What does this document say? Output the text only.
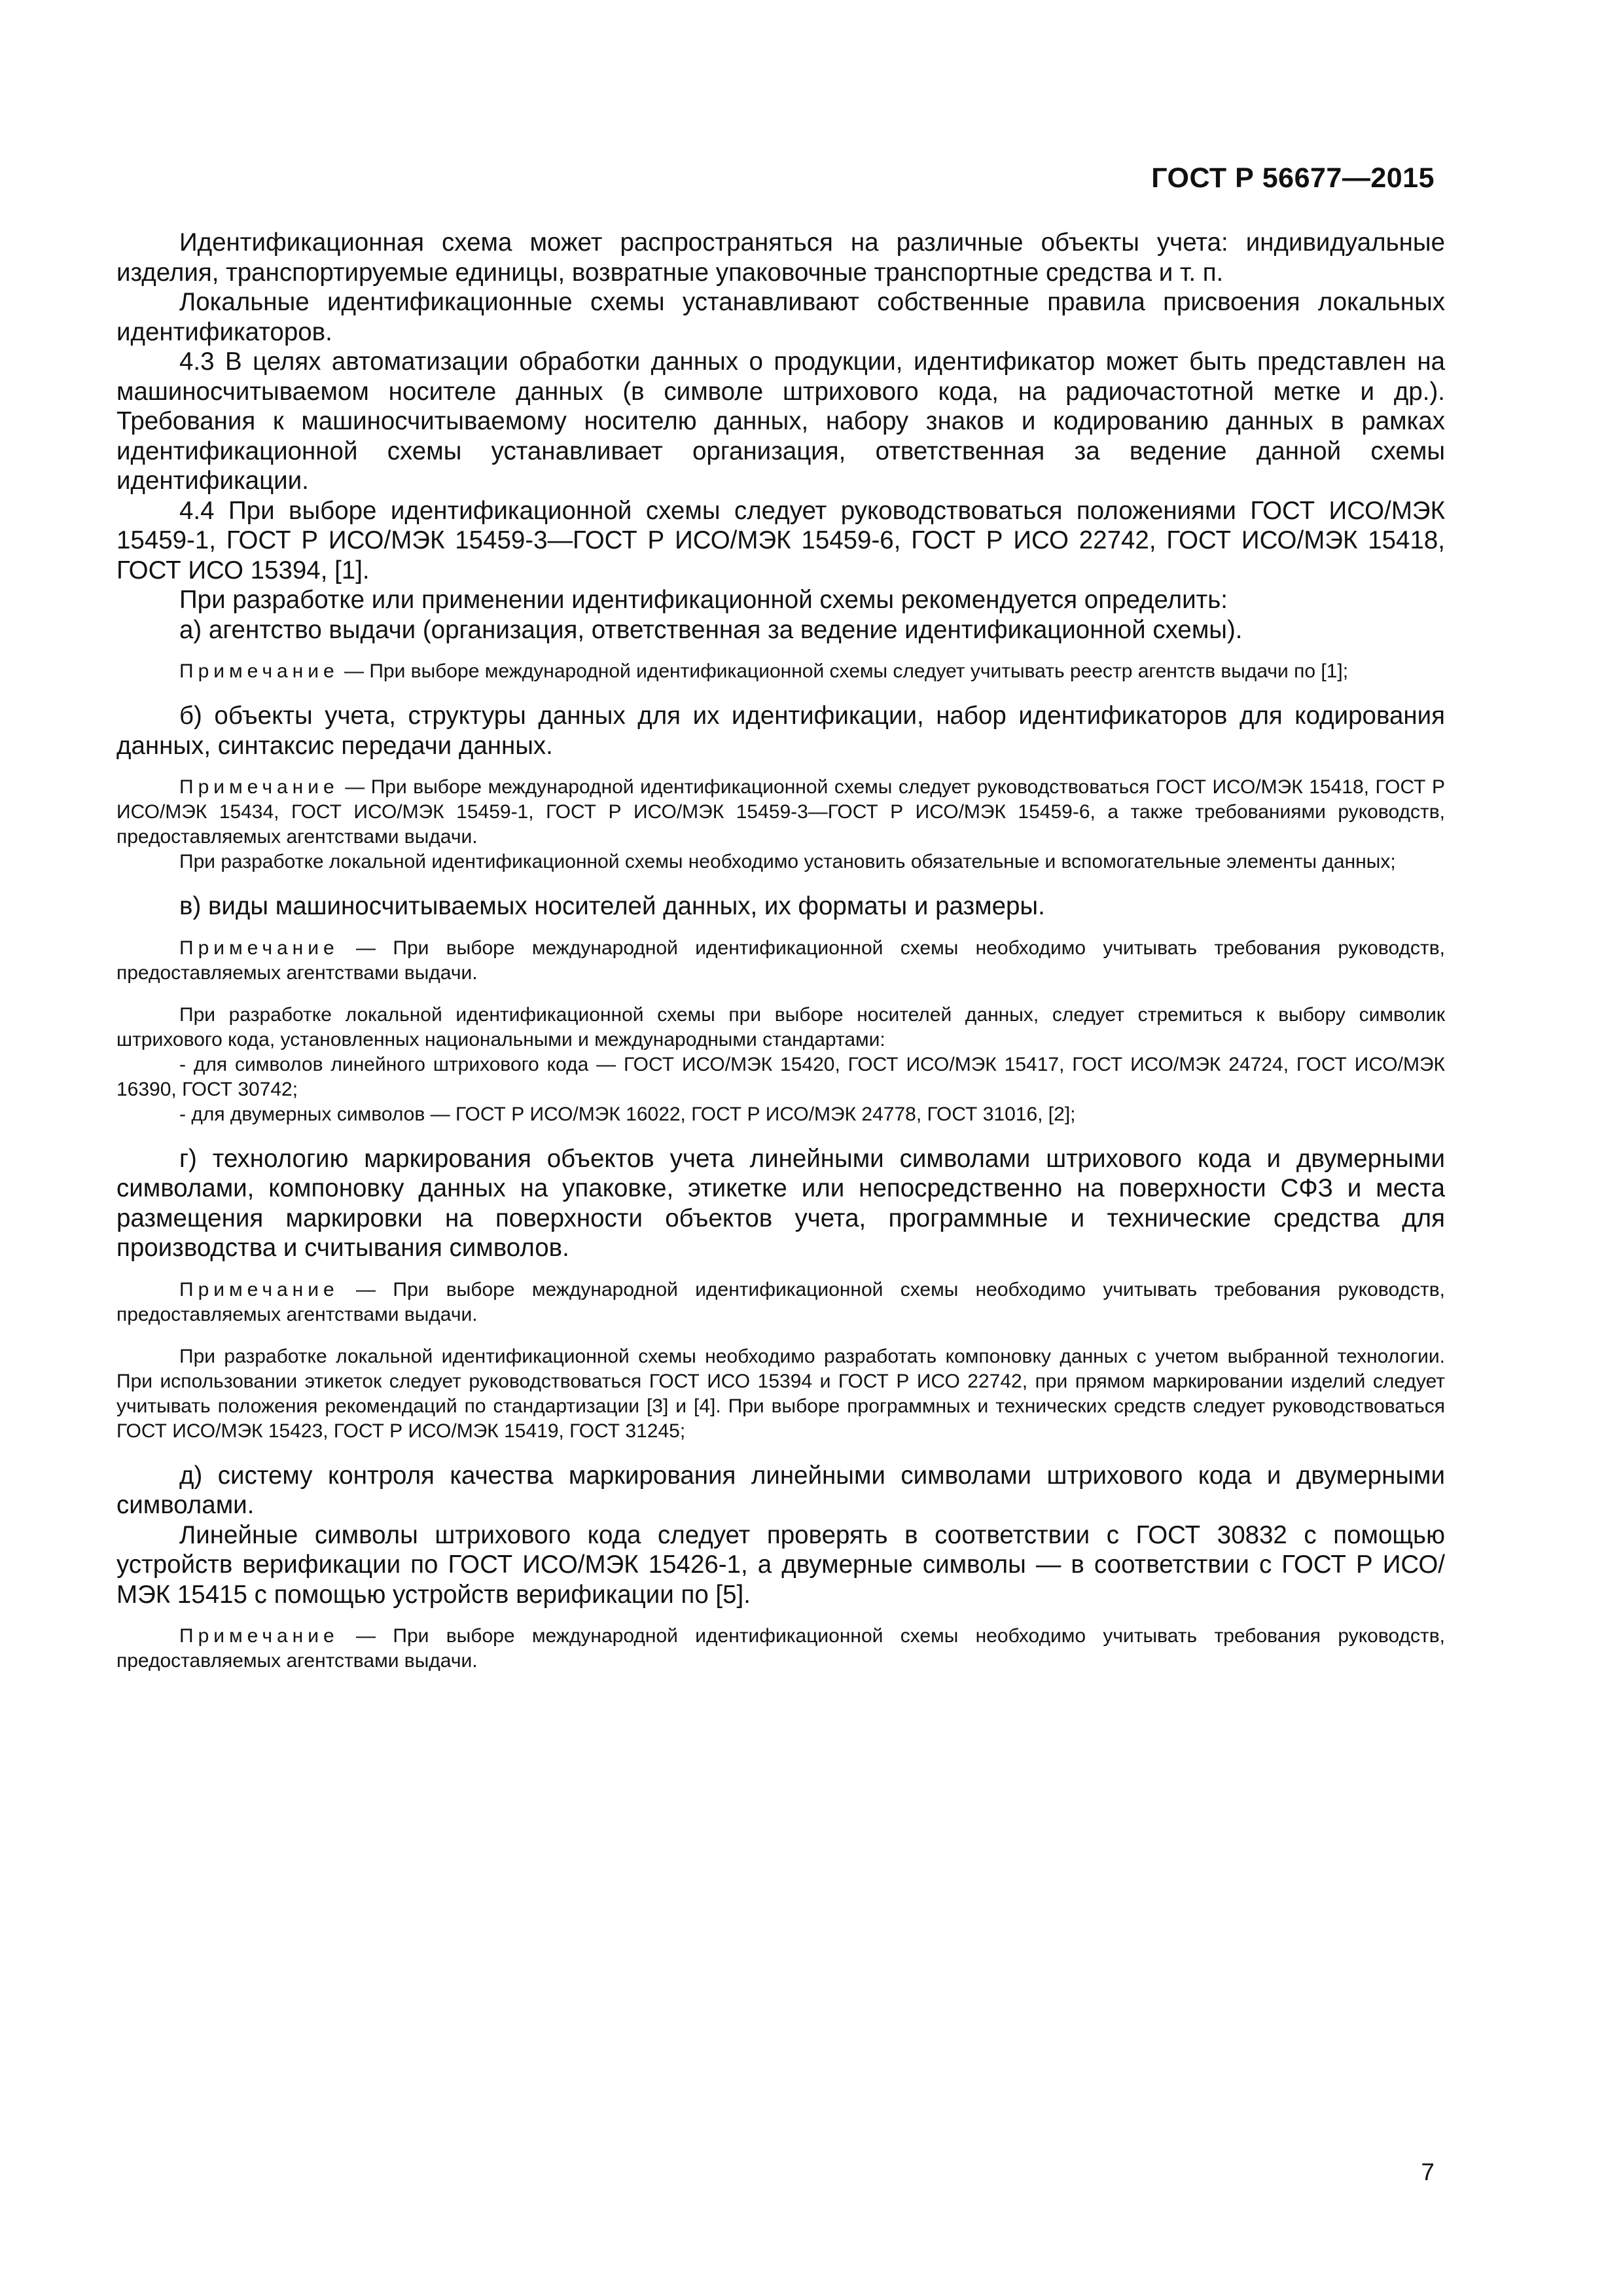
ГОСТ Р 56677—2015

Идентификационная схема может распространяться на различные объекты учета: индивидуальные изделия, транспортируемые единицы, возвратные упаковочные транспортные средства и т. п.

Локальные идентификационные схемы устанавливают собственные правила присвоения локальных идентификаторов.

4.3 В целях автоматизации обработки данных о продукции, идентификатор может быть представлен на машиносчитываемом носителе данных (в символе штрихового кода, на радиочастотной метке и др.). Требования к машиносчитываемому носителю данных, набору знаков и кодированию данных в рамках идентификационной схемы устанавливает организация, ответственная за ведение данной схемы идентификации.

4.4 При выборе идентификационной схемы следует руководствоваться положениями ГОСТ ИСО/МЭК 15459-1, ГОСТ Р ИСО/МЭК 15459-3—ГОСТ Р ИСО/МЭК 15459-6, ГОСТ Р ИСО 22742, ГОСТ ИСО/МЭК 15418, ГОСТ ИСО 15394, [1].

При разработке или применении идентификационной схемы рекомендуется определить:

а) агентство выдачи (организация, ответственная за ведение идентификационной схемы).

Примечание — При выборе международной идентификационной схемы следует учитывать реестр агентств выдачи по [1];

б) объекты учета, структуры данных для их идентификации, набор идентификаторов для кодирования данных, синтаксис передачи данных.

Примечание — При выборе международной идентификационной схемы следует руководствоваться ГОСТ ИСО/МЭК 15418, ГОСТ Р ИСО/МЭК 15434, ГОСТ ИСО/МЭК 15459-1, ГОСТ Р ИСО/МЭК 15459-3—ГОСТ Р ИСО/МЭК 15459-6, а также требованиями руководств, предоставляемых агентствами выдачи.

При разработке локальной идентификационной схемы необходимо установить обязательные и вспомогательные элементы данных;

в) виды машиносчитываемых носителей данных, их форматы и размеры.

Примечание — При выборе международной идентификационной схемы необходимо учитывать требования руководств, предоставляемых агентствами выдачи.

При разработке локальной идентификационной схемы при выборе носителей данных, следует стремиться к выбору символик штрихового кода, установленных национальными и международными стандартами:

- для символов линейного штрихового кода — ГОСТ ИСО/МЭК 15420, ГОСТ ИСО/МЭК 15417, ГОСТ ИСО/МЭК 24724, ГОСТ ИСО/МЭК 16390, ГОСТ 30742;

- для двумерных символов — ГОСТ Р ИСО/МЭК 16022, ГОСТ Р ИСО/МЭК 24778, ГОСТ 31016, [2];

г) технологию маркирования объектов учета линейными символами штрихового кода и двумерными символами, компоновку данных на упаковке, этикетке или непосредственно на поверхности СФЗ и места размещения маркировки на поверхности объектов учета, программные и технические средства для производства и считывания символов.

Примечание — При выборе международной идентификационной схемы необходимо учитывать требования руководств, предоставляемых агентствами выдачи.

При разработке локальной идентификационной схемы необходимо разработать компоновку данных с учетом выбранной технологии. При использовании этикеток следует руководствоваться ГОСТ ИСО 15394 и ГОСТ Р ИСО 22742, при прямом маркировании изделий следует учитывать положения рекомендаций по стандартизации [3] и [4]. При выборе программных и технических средств следует руководствоваться ГОСТ ИСО/МЭК 15423, ГОСТ Р ИСО/МЭК 15419, ГОСТ 31245;

д) систему контроля качества маркирования линейными символами штрихового кода и двумерными символами.

Линейные символы штрихового кода следует проверять в соответствии с ГОСТ 30832 с помощью устройств верификации по ГОСТ ИСО/МЭК 15426-1, а двумерные символы — в соответствии с ГОСТ Р ИСО/МЭК 15415 с помощью устройств верификации по [5].

Примечание — При выборе международной идентификационной схемы необходимо учитывать требования руководств, предоставляемых агентствами выдачи.

7
